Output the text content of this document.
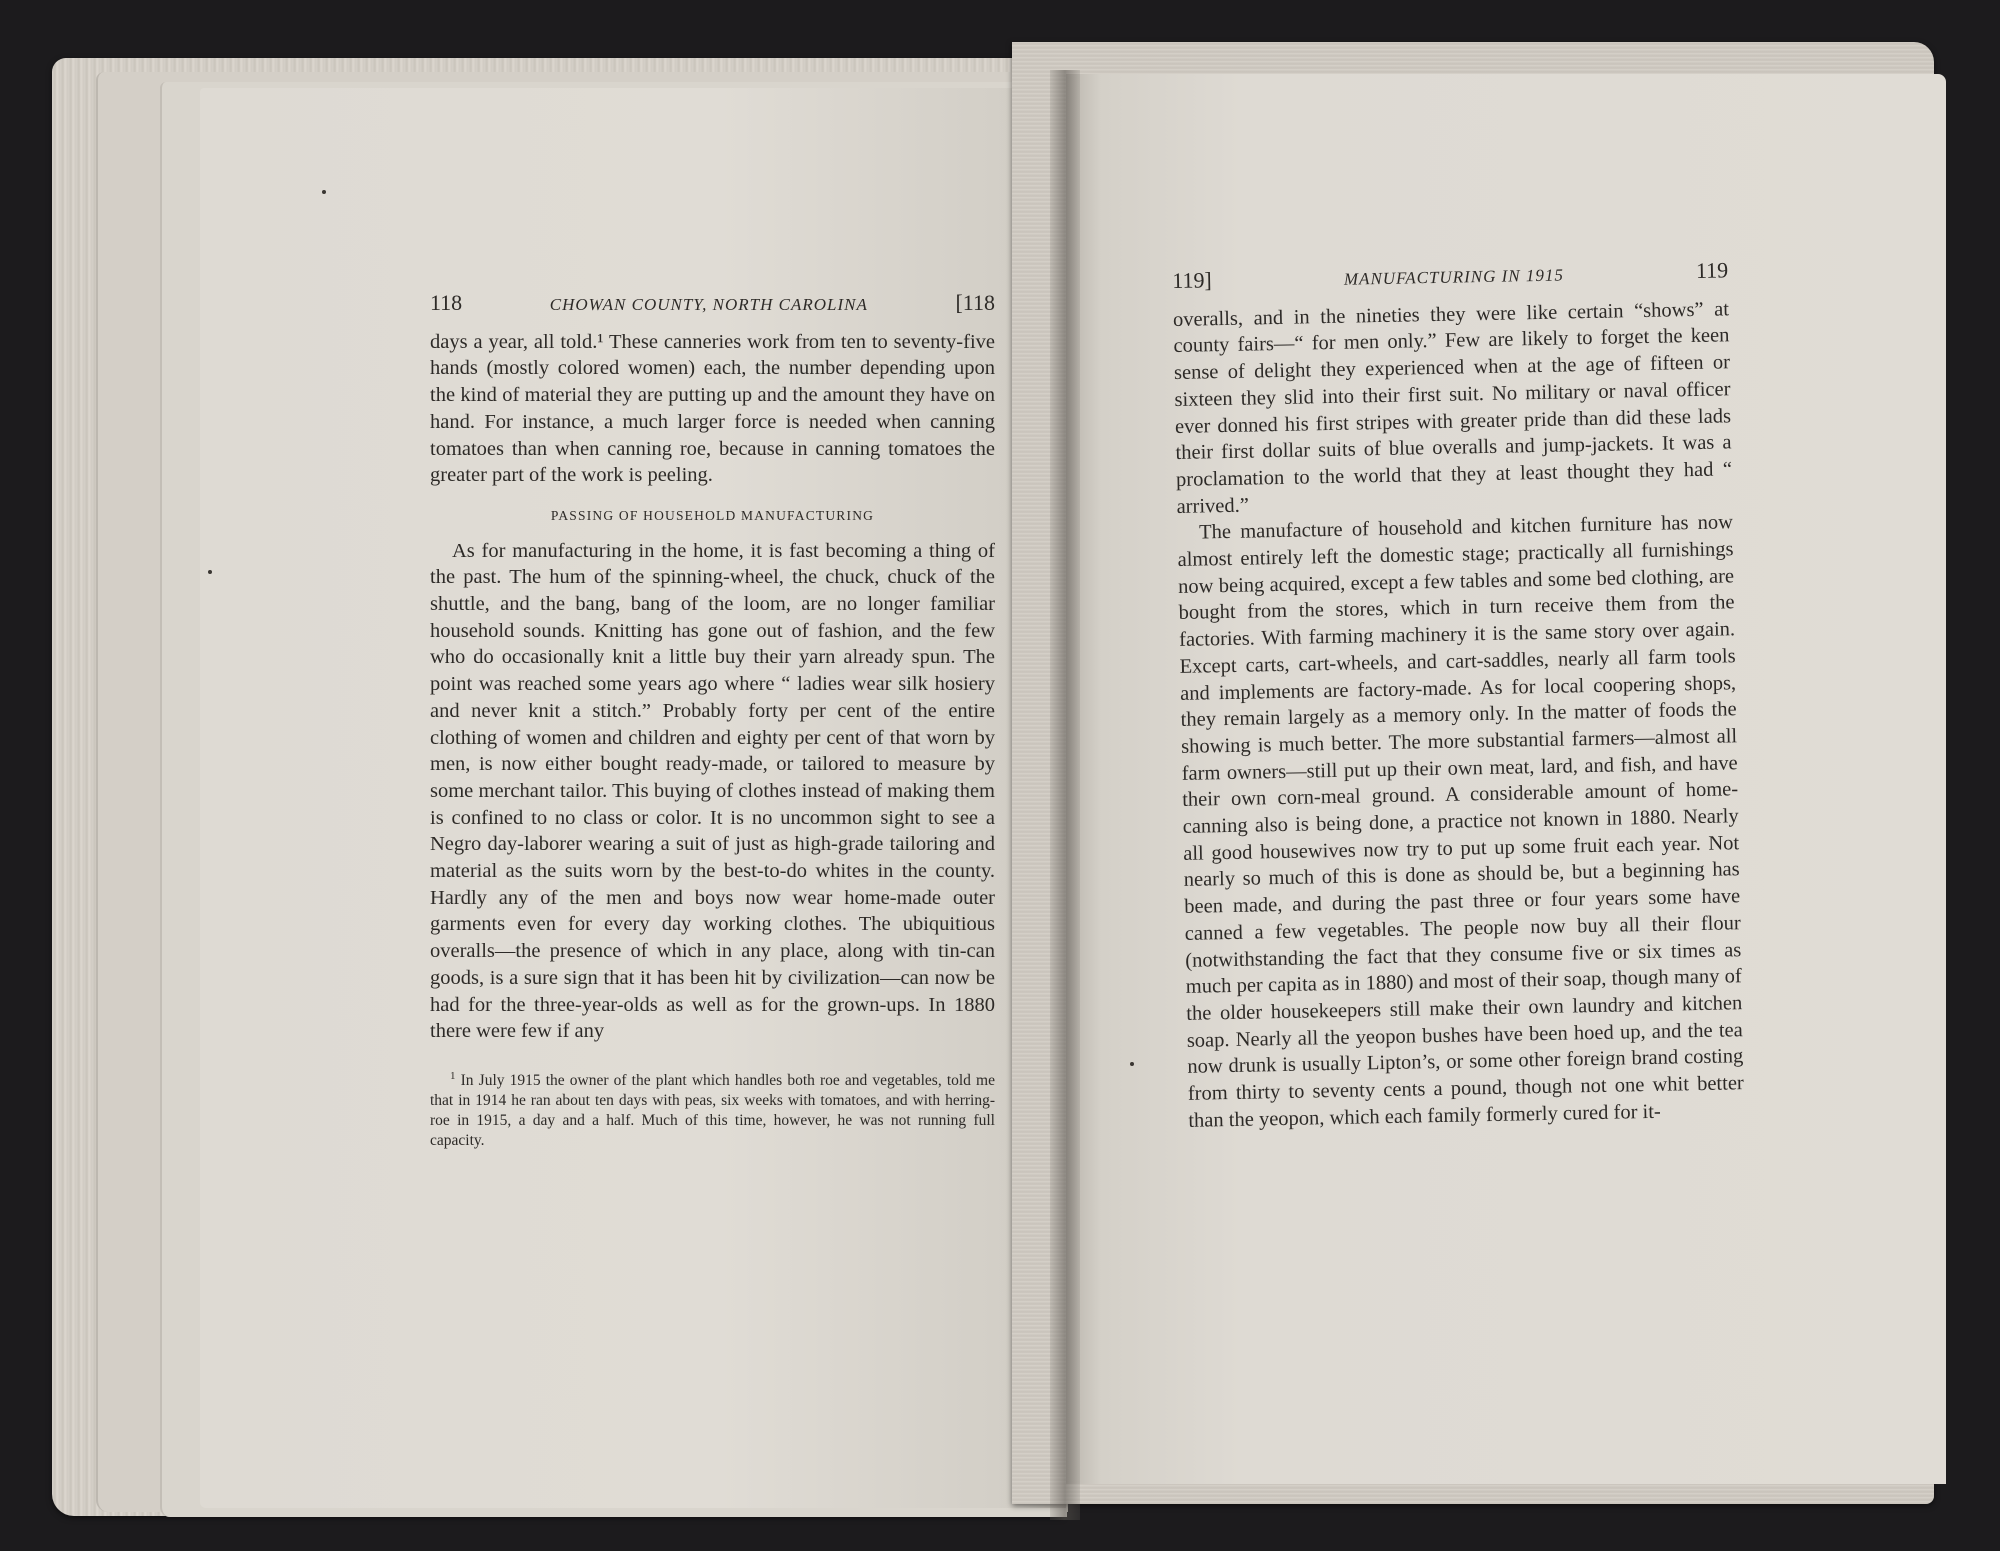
118	CHOWAN COUNTY, NORTH CAROLINA	[118

days a year, all told.¹ These canneries work from ten to seventy-five hands (mostly colored women) each, the number depending upon the kind of material they are putting up and the amount they have on hand. For instance, a much larger force is needed when canning tomatoes than when canning roe, because in canning tomatoes the greater part of the work is peeling.

PASSING OF HOUSEHOLD MANUFACTURING

As for manufacturing in the home, it is fast becoming a thing of the past. The hum of the spinning-wheel, the chuck, chuck of the shuttle, and the bang, bang of the loom, are no longer familiar household sounds. Knitting has gone out of fashion, and the few who do occasionally knit a little buy their yarn already spun. The point was reached some years ago where “ ladies wear silk hosiery and never knit a stitch.” Probably forty per cent of the entire clothing of women and children and eighty per cent of that worn by men, is now either bought ready-made, or tailored to measure by some merchant tailor. This buying of clothes instead of making them is confined to no class or color. It is no uncommon sight to see a Negro day-laborer wearing a suit of just as high-grade tailoring and material as the suits worn by the best-to-do whites in the county. Hardly any of the men and boys now wear home-made outer garments even for every day working clothes. The ubiquitious overalls—the presence of which in any place, along with tin-can goods, is a sure sign that it has been hit by civilization—can now be had for the three-year-olds as well as for the grown-ups. In 1880 there were few if any

$^1$ In July 1915 the owner of the plant which handles both roe and vegetables, told me that in 1914 he ran about ten days with peas, six weeks with tomatoes, and with herring-roe in 1915, a day and a half. Much of this time, however, he was not running full capacity.
119]	MANUFACTURING IN 1915	119

overalls, and in the nineties they were like certain “shows” at county fairs—“ for men only.” Few are likely to forget the keen sense of delight they experienced when at the age of fifteen or sixteen they slid into their first suit. No military or naval officer ever donned his first stripes with greater pride than did these lads their first dollar suits of blue overalls and jump-jackets. It was a proclamation to the world that they at least thought they had “ arrived.”

The manufacture of household and kitchen furniture has now almost entirely left the domestic stage; practically all furnishings now being acquired, except a few tables and some bed clothing, are bought from the stores, which in turn receive them from the factories. With farming machinery it is the same story over again. Except carts, cart-wheels, and cart-saddles, nearly all farm tools and implements are factory-made. As for local coopering shops, they remain largely as a memory only. In the matter of foods the showing is much better. The more substantial farmers—almost all farm owners—still put up their own meat, lard, and fish, and have their own corn-meal ground. A considerable amount of home-canning also is being done, a practice not known in 1880. Nearly all good housewives now try to put up some fruit each year. Not nearly so much of this is done as should be, but a beginning has been made, and during the past three or four years some have canned a few vegetables. The people now buy all their flour (notwithstanding the fact that they consume five or six times as much per capita as in 1880) and most of their soap, though many of the older housekeepers still make their own laundry and kitchen soap. Nearly all the yeopon bushes have been hoed up, and the tea now drunk is usually Lipton’s, or some other foreign brand costing from thirty to seventy cents a pound, though not one whit better than the yeopon, which each family formerly cured for it-
